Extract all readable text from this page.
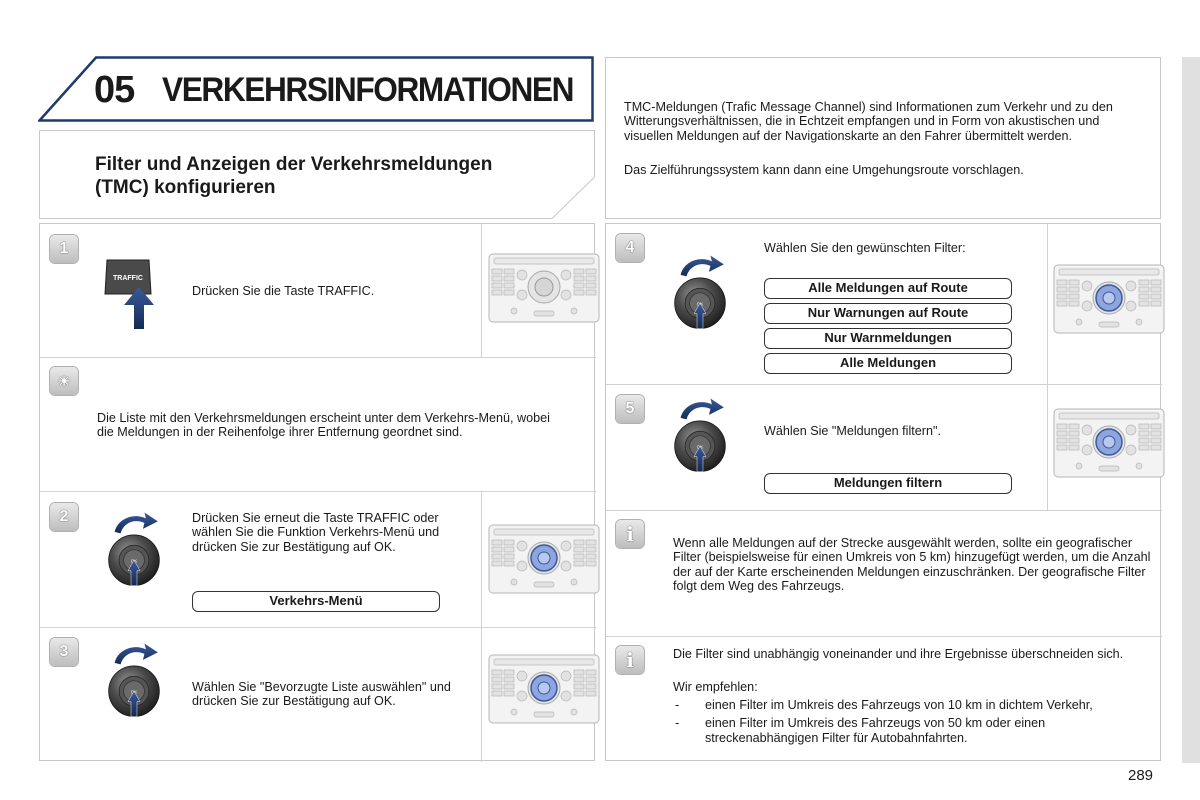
05 VERKEHRSINFORMATIONEN
Filter und Anzeigen der Verkehrsmeldungen
(TMC) konfigurieren
TMC-Meldungen (Trafic Message Channel) sind Informationen zum Verkehr und zu den Witterungsverhältnissen, die in Echtzeit empfangen und in Form von akustischen und visuellen Meldungen auf der Navigationskarte an den Fahrer übermittelt werden.
Das Zielführungssystem kann dann eine Umgehungsroute vorschlagen.
1
TRAFFIC
Drücken Sie die Taste TRAFFIC.
☀
Die Liste mit den Verkehrsmeldungen erscheint unter dem Verkehrs-Menü, wobei die Meldungen in der Reihenfolge ihrer Entfernung geordnet sind.
2	Drücken Sie erneut die Taste TRAFFIC oder wählen Sie die Funktion Verkehrs-Menü und drücken Sie zur Bestätigung auf OK.
Verkehrs-Menü
3
Wählen Sie "Bevorzugte Liste auswählen" und drücken Sie zur Bestätigung auf OK.
4	Wählen Sie den gewünschten Filter:
Alle Meldungen auf Route
Nur Warnungen auf Route
Nur Warnmeldungen
Alle Meldungen
5
Wählen Sie "Meldungen filtern".
Meldungen filtern
i	Wenn alle Meldungen auf der Strecke ausgewählt werden, sollte ein geografischer Filter (beispielsweise für einen Umkreis von 5 km) hinzugefügt werden, um die Anzahl der auf der Karte erscheinenden Meldungen einzuschränken. Der geografische Filter folgt dem Weg des Fahrzeugs.
i	Die Filter sind unabhängig voneinander und ihre Ergebnisse überschneiden sich.
Wir empfehlen:
- einen Filter im Umkreis des Fahrzeugs von 10 km in dichtem Verkehr,
- einen Filter im Umkreis des Fahrzeugs von 50 km oder einen streckenabhängigen Filter für Autobahnfahrten.
289
